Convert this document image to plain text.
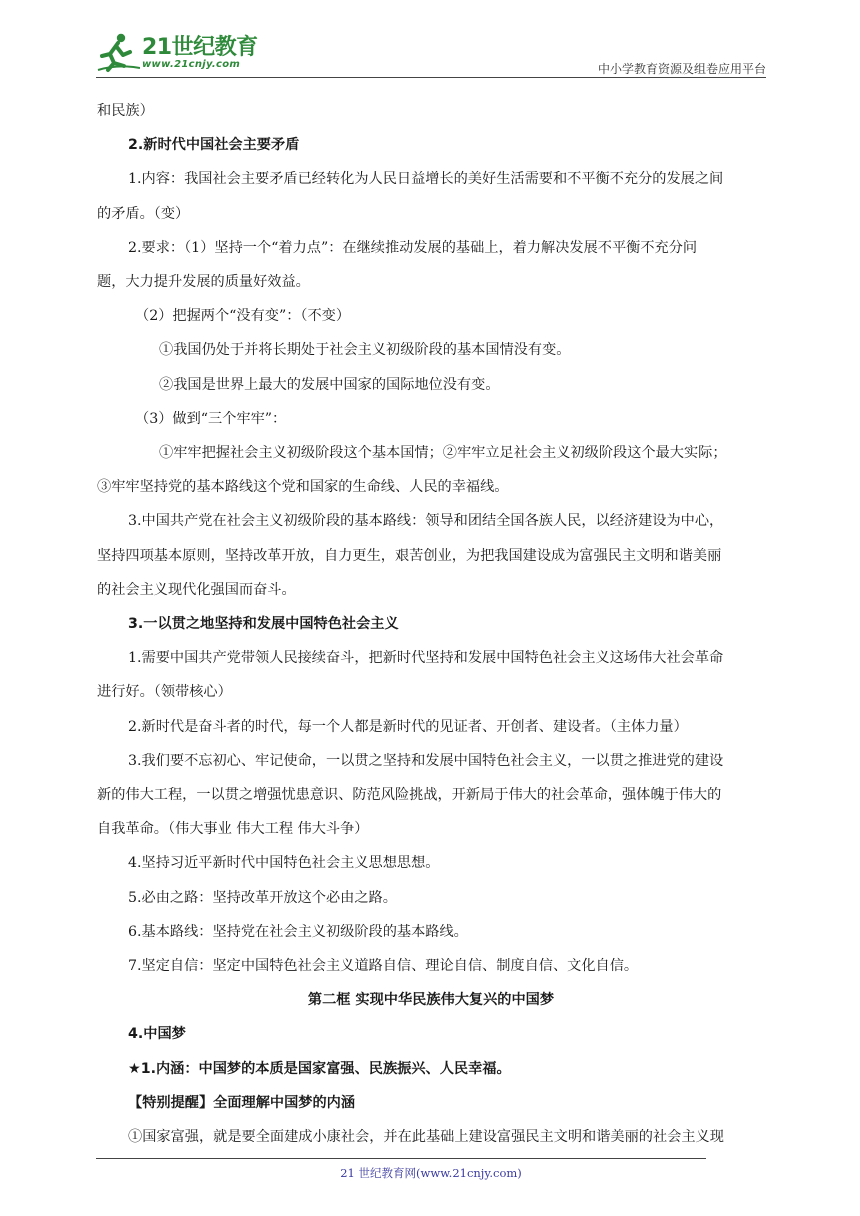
21世纪教育
www.21cnjy.com	中小学教育资源及组卷应用平台

和民族）

2.新时代中国社会主要矛盾

1.内容：我国社会主要矛盾已经转化为人民日益增长的美好生活需要和不平衡不充分的发展之间

的矛盾。（变）

2.要求：（1）坚持一个“着力点”：在继续推动发展的基础上，着力解决发展不平衡不充分问

题，大力提升发展的质量好效益。

（2）把握两个“没有变”：（不变）

①我国仍处于并将长期处于社会主义初级阶段的基本国情没有变。

②我国是世界上最大的发展中国家的国际地位没有变。

（3）做到“三个牢牢”：

①牢牢把握社会主义初级阶段这个基本国情；②牢牢立足社会主义初级阶段这个最大实际；

③牢牢坚持党的基本路线这个党和国家的生命线、人民的幸福线。

3.中国共产党在社会主义初级阶段的基本路线：领导和团结全国各族人民，以经济建设为中心，

坚持四项基本原则，坚持改革开放，自力更生，艰苦创业，为把我国建设成为富强民主文明和谐美丽

的社会主义现代化强国而奋斗。

3.一以贯之地坚持和发展中国特色社会主义

1.需要中国共产党带领人民接续奋斗，把新时代坚持和发展中国特色社会主义这场伟大社会革命

进行好。（领带核心）

2.新时代是奋斗者的时代，每一个人都是新时代的见证者、开创者、建设者。（主体力量）

3.我们要不忘初心、牢记使命，一以贯之坚持和发展中国特色社会主义，一以贯之推进党的建设

新的伟大工程，一以贯之增强忧患意识、防范风险挑战，开新局于伟大的社会革命，强体魄于伟大的

自我革命。（伟大事业 伟大工程 伟大斗争）

4.坚持习近平新时代中国特色社会主义思想思想。

5.必由之路：坚持改革开放这个必由之路。

6.基本路线：坚持党在社会主义初级阶段的基本路线。

7.坚定自信：坚定中国特色社会主义道路自信、理论自信、制度自信、文化自信。

第二框 实现中华民族伟大复兴的中国梦

4.中国梦

★1.内涵：中国梦的本质是国家富强、民族振兴、人民幸福。

【特别提醒】全面理解中国梦的内涵

①国家富强，就是要全面建成小康社会，并在此基础上建设富强民主文明和谐美丽的社会主义现

21 世纪教育网(www.21cnjy.com)
